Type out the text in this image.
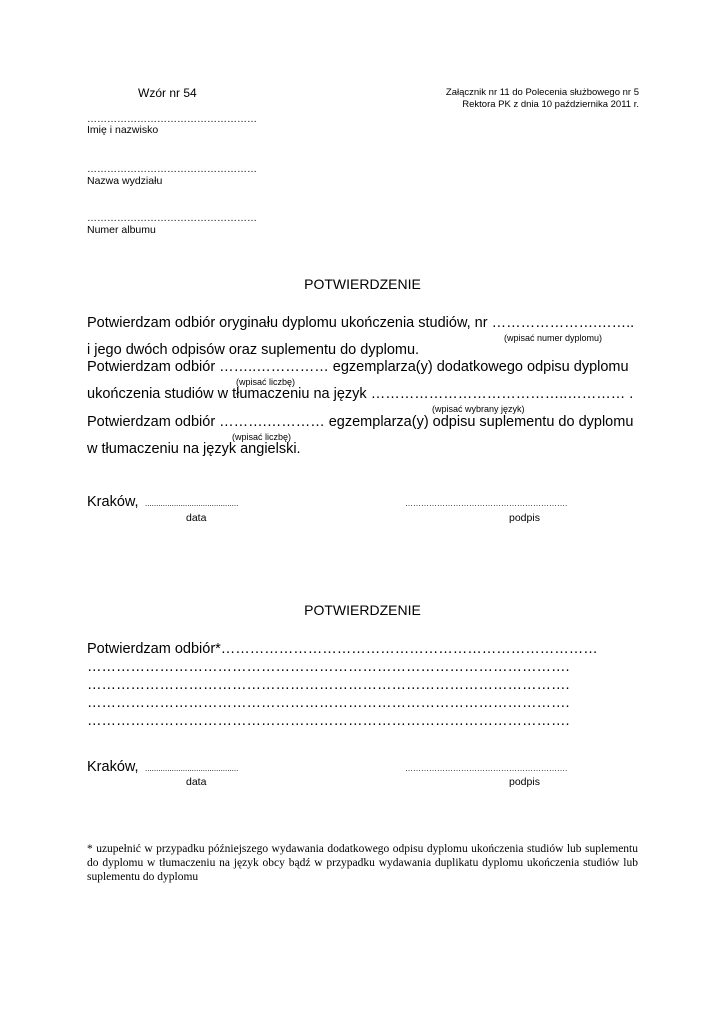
Wzór nr 54	Załącznik nr 11 do Polecenia służbowego nr 5
Rektora PK z dnia 10 października 2011 r.
……………………………………………
Imię i nazwisko
……………………………………………
Nazwa wydziału
……………………………………………
Numer albumu
POTWIERDZENIE
Potwierdzam odbiór oryginału dyplomu ukończenia studiów, nr ………………….……..
(wpisać numer dyplomu)
i jego dwóch odpisów oraz suplementu do dyplomu.
Potwierdzam odbiór ……..…………… egzemplarza(y) dodatkowego odpisu dyplomu
(wpisać liczbę)
ukończenia studiów w tłumaczeniu na język …………………………………..………… .
(wpisać wybrany język)
Potwierdzam odbiór ……….………… egzemplarza(y) odpisu suplementu do dyplomu
(wpisać liczbę)
w tłumaczeniu na język angielski.
Kraków, ..........................................	…………………………………………………….
data	podpis
POTWIERDZENIE
Potwierdzam odbiór*……………………………………………………………………
……………………………………………………………………………………….
……………………………………………………………………………………….
……………………………………………………………………………………….
……………………………………………………………………………………….
Kraków, ..........................................	…………………………………………………….
data	podpis
* uzupełnić w przypadku późniejszego wydawania dodatkowego odpisu dyplomu ukończenia studiów lub suplementu do dyplomu w tłumaczeniu na język obcy bądź w przypadku wydawania duplikatu dyplomu ukończenia studiów lub suplementu do dyplomu
